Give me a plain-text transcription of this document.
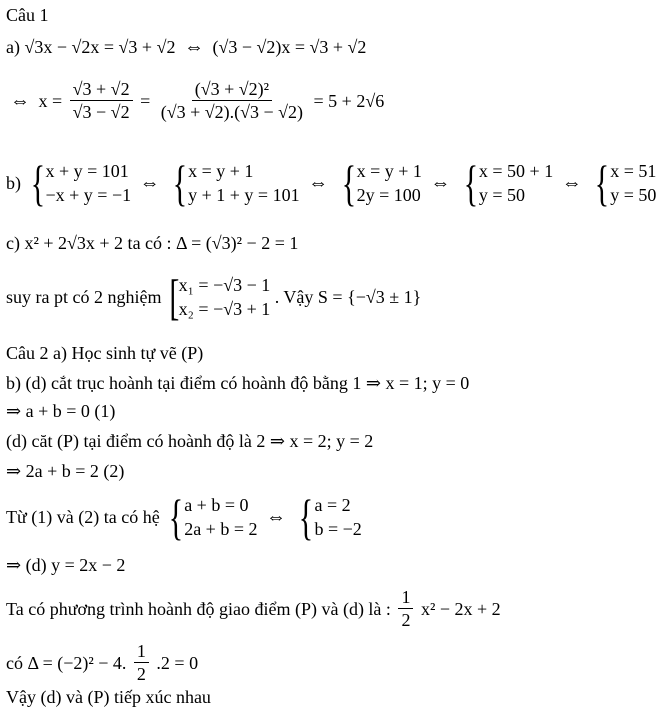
Câu 1
a) √3x − √2x = √3 + √2 ⇔ (√3 − √2)x = √3 + √2
⇔ $x = \frac{√3 + √2}{√3 - √2} = \frac{\text{(√3 + √2)²}}{(√3 + √2).(√3 - √2)} = 5 + 2√6$
b) { x + y = 101
−x + y = −1
⇔ { x = y + 1
y + 1 + y = 101
⇔ { x = y + 1
2y = 100
⇔ { x = 50 + 1
y = 50
⇔ { x = 51
y = 50
c) x² + 2√3x + 2 ta có : Δ = (√3)² − 2 = 1
suy ra pt có 2 nghiệm [ x₁ = −√3 − 1
x₂ = −√3 + 1
. Vậy S = {−√3 ± 1}
Câu 2 a) Học sinh tự vẽ (P)
b) (d) cắt trục hoành tại điểm có hoành độ bằng 1 ⇒ x = 1; y = 0
⇒ a + b = 0 (1)
(d) căt (P) tại điểm có hoành độ là 2 ⇒ x = 2; y = 2
⇒ 2a + b = 2 (2)
Từ (1) và (2) ta có hệ { a + b = 0
2a + b = 2
⇔ { a = 2
b = −2
⇒ (d) y = 2x − 2
Ta có phương trình hoành độ giao điểm (P) và (d) là : $\frac{1}{2} x^2 - 2x + 2$
có Δ = (−2)² − 4. $\frac{1}{2} .2 = 0$
Vậy (d) và (P) tiếp xúc nhau
